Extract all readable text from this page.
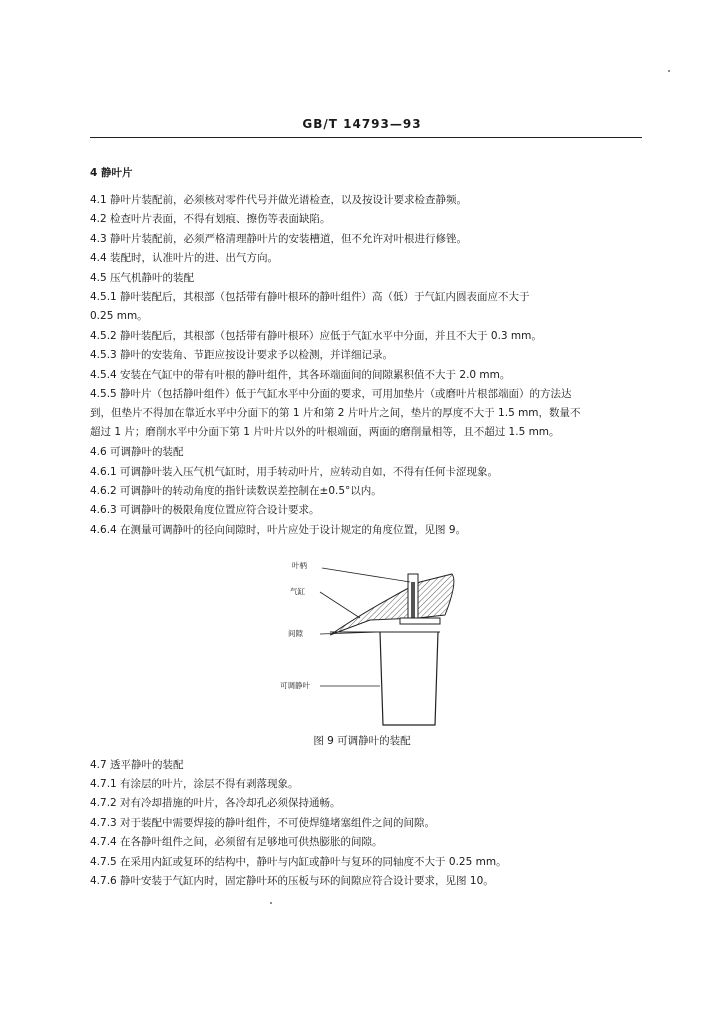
GB/T 14793—93
4 静叶片
4.1 静叶片装配前，必须核对零件代号并做光谱检查，以及按设计要求检查静频。
4.2 检查叶片表面，不得有划痕、擦伤等表面缺陷。
4.3 静叶片装配前，必须严格清理静叶片的安装槽道，但不允许对叶根进行修锉。
4.4 装配时，认准叶片的进、出气方向。
4.5 压气机静叶的装配
4.5.1 静叶装配后，其根部（包括带有静叶根环的静叶组件）高（低）于气缸内圆表面应不大于
0.25 mm。
4.5.2 静叶装配后，其根部（包括带有静叶根环）应低于气缸水平中分面，并且不大于 0.3 mm。
4.5.3 静叶的安装角、节距应按设计要求予以检测，并详细记录。
4.5.4 安装在气缸中的带有叶根的静叶组件，其各环端面间的间隙累积值不大于 2.0 mm。
4.5.5 静叶片（包括静叶组件）低于气缸水平中分面的要求，可用加垫片（或磨叶片根部端面）的方法达
到，但垫片不得加在靠近水平中分面下的第 1 片和第 2 片叶片之间，垫片的厚度不大于 1.5 mm，数量不
超过 1 片；磨削水平中分面下第 1 片叶片以外的叶根端面，两面的磨削量相等，且不超过 1.5 mm。
4.6 可调静叶的装配
4.6.1 可调静叶装入压气机气缸时，用手转动叶片，应转动自如，不得有任何卡涩现象。
4.6.2 可调静叶的转动角度的指针读数误差控制在±0.5°以内。
4.6.3 可调静叶的极限角度位置应符合设计要求。
4.6.4 在测量可调静叶的径向间隙时，叶片应处于设计规定的角度位置，见图 9。
叶柄
气缸
间隙
可调静叶
图 9 可调静叶的装配
4.7 透平静叶的装配
4.7.1 有涂层的叶片，涂层不得有剥落现象。
4.7.2 对有冷却措施的叶片，各冷却孔必须保持通畅。
4.7.3 对于装配中需要焊接的静叶组件，不可使焊缝堵塞组件之间的间隙。
4.7.4 在各静叶组件之间，必须留有足够地可供热膨胀的间隙。
4.7.5 在采用内缸或复环的结构中，静叶与内缸或静叶与复环的同轴度不大于 0.25 mm。
4.7.6 静叶安装于气缸内时，固定静叶环的压板与环的间隙应符合设计要求，见图 10。
